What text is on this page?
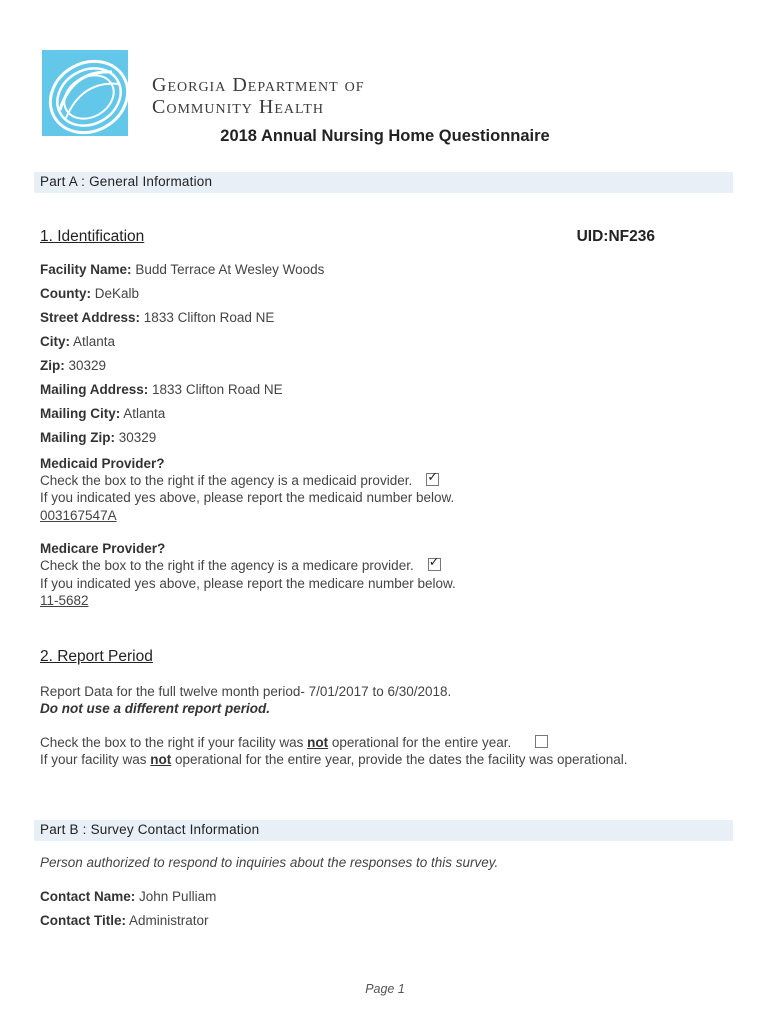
Georgia Department of
Community Health
2018 Annual Nursing Home Questionnaire
Part A : General Information
1. Identification	UID:NF236
Facility Name: Budd Terrace At Wesley Woods
County: DeKalb
Street Address: 1833 Clifton Road NE
City: Atlanta
Zip: 30329
Mailing Address: 1833 Clifton Road NE
Mailing City: Atlanta
Mailing Zip: 30329
Medicaid Provider?
Check the box to the right if the agency is a medicaid provider.✓
If you indicated yes above, please report the medicaid number below.
003167547A
Medicare Provider?
Check the box to the right if the agency is a medicare provider.✓
If you indicated yes above, please report the medicare number below.
11-5682
2. Report Period
Report Data for the full twelve month period- 7/01/2017 to 6/30/2018.
Do not use a different report period.
Check the box to the right if your facility was not operational for the entire year.
If your facility was not operational for the entire year, provide the dates the facility was operational.
Part B : Survey Contact Information
Person authorized to respond to inquiries about the responses to this survey.
Contact Name: John Pulliam
Contact Title: Administrator
Page 1
